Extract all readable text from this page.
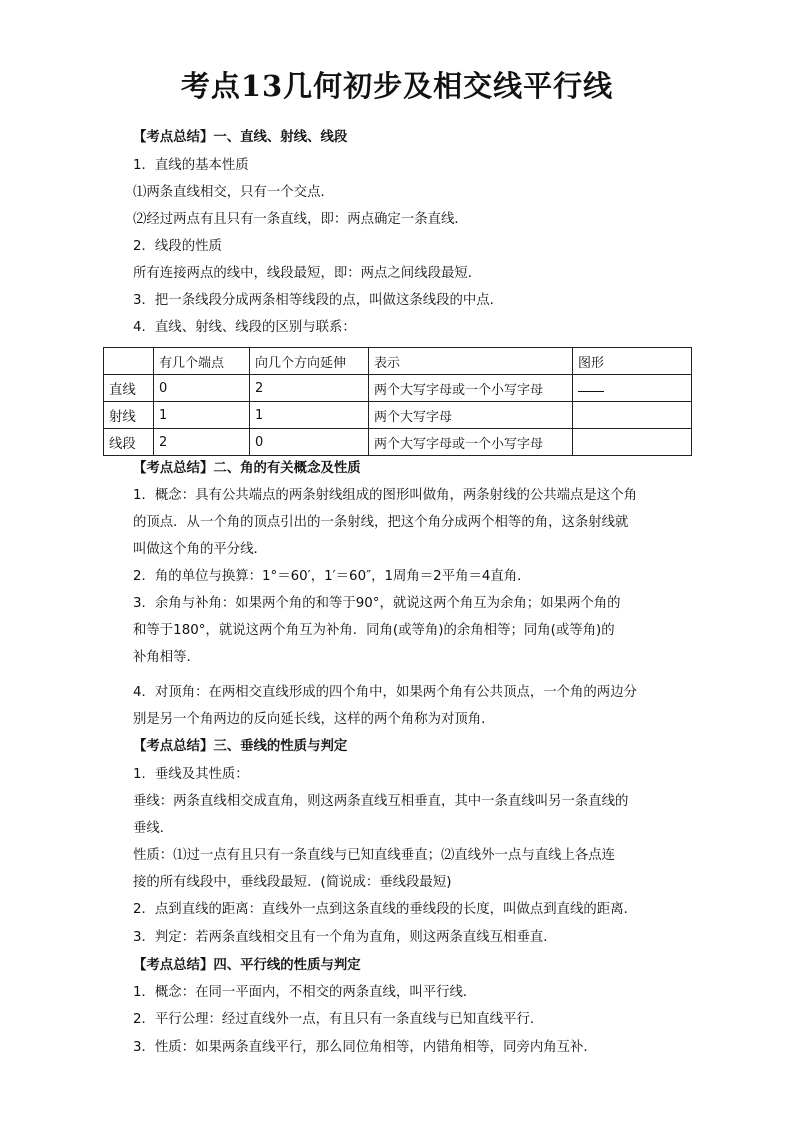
考点13几何初步及相交线平行线
【考点总结】一、直线、射线、线段
1．直线的基本性质
⑴两条直线相交，只有一个交点．
⑵经过两点有且只有一条直线，即：两点确定一条直线．
2．线段的性质
所有连接两点的线中，线段最短，即：两点之间线段最短．
3．把一条线段分成两条相等线段的点，叫做这条线段的中点．
4．直线、射线、线段的区别与联系：
	有几个端点	向几个方向延伸	表示	图形
直线	0	2	两个大写字母或一个小写字母	
射线	1	1	两个大写字母	
线段	2	0	两个大写字母或一个小写字母	
【考点总结】二、角的有关概念及性质
1．概念：具有公共端点的两条射线组成的图形叫做角，两条射线的公共端点是这个角
的顶点．从一个角的顶点引出的一条射线，把这个角分成两个相等的角，这条射线就
叫做这个角的平分线．
2．角的单位与换算：1°＝60′，1′＝60″，1周角＝2平角＝4直角．
3．余角与补角：如果两个角的和等于90°，就说这两个角互为余角；如果两个角的
和等于180°，就说这两个角互为补角．同角(或等角)的余角相等；同角(或等角)的
补角相等．
4．对顶角：在两相交直线形成的四个角中，如果两个角有公共顶点，一个角的两边分
别是另一个角两边的反向延长线，这样的两个角称为对顶角．
【考点总结】三、垂线的性质与判定
1．垂线及其性质：
垂线：两条直线相交成直角，则这两条直线互相垂直，其中一条直线叫另一条直线的
垂线．
性质：⑴过一点有且只有一条直线与已知直线垂直；⑵直线外一点与直线上各点连
接的所有线段中，垂线段最短．(简说成：垂线段最短)
2．点到直线的距离：直线外一点到这条直线的垂线段的长度，叫做点到直线的距离．
3．判定：若两条直线相交且有一个角为直角，则这两条直线互相垂直．
【考点总结】四、平行线的性质与判定
1．概念：在同一平面内，不相交的两条直线，叫平行线．
2．平行公理：经过直线外一点，有且只有一条直线与已知直线平行．
3．性质：如果两条直线平行，那么同位角相等，内错角相等，同旁内角互补．
